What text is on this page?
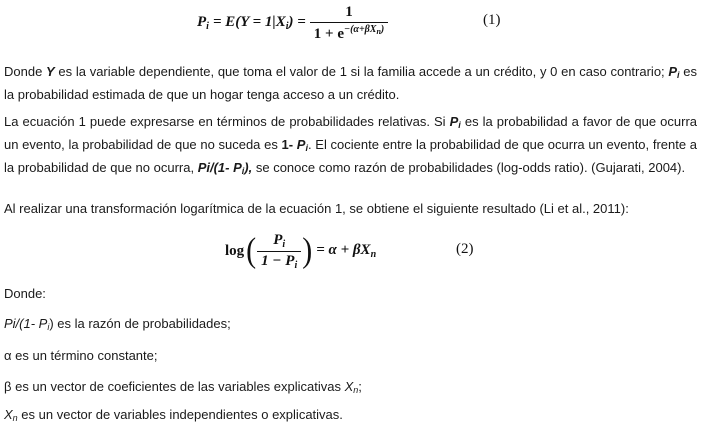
$P_i = E(Y = 1|X_i) = \frac{1}{1 + e^{-(\alpha+\beta X_n)}}$	(1)

Donde Y es la variable dependiente, que toma el valor de 1 si la familia accede a un crédito, y 0 en caso contrario; Pi es la probabilidad estimada de que un hogar tenga acceso a un crédito.

La ecuación 1 puede expresarse en términos de probabilidades relativas. Si Pi es la probabilidad a favor de que ocurra un evento, la probabilidad de que no suceda es 1- Pi. El cociente entre la probabilidad de que ocurra un evento, frente a la probabilidad de que no ocurra, Pi/(1- Pi), se conoce como razón de probabilidades (log-odds ratio). (Gujarati, 2004).

Al realizar una transformación logarítmica de la ecuación 1, se obtiene el siguiente resultado (Li et al., 2011):

log ( $\frac{P_i}{1 - P_i}$ ) = $\alpha + \beta X_n$	(2)

Donde:

Pi/(1- Pi) es la razón de probabilidades;

α es un término constante;

β es un vector de coeficientes de las variables explicativas Xn;

Xn es un vector de variables independientes o explicativas.
